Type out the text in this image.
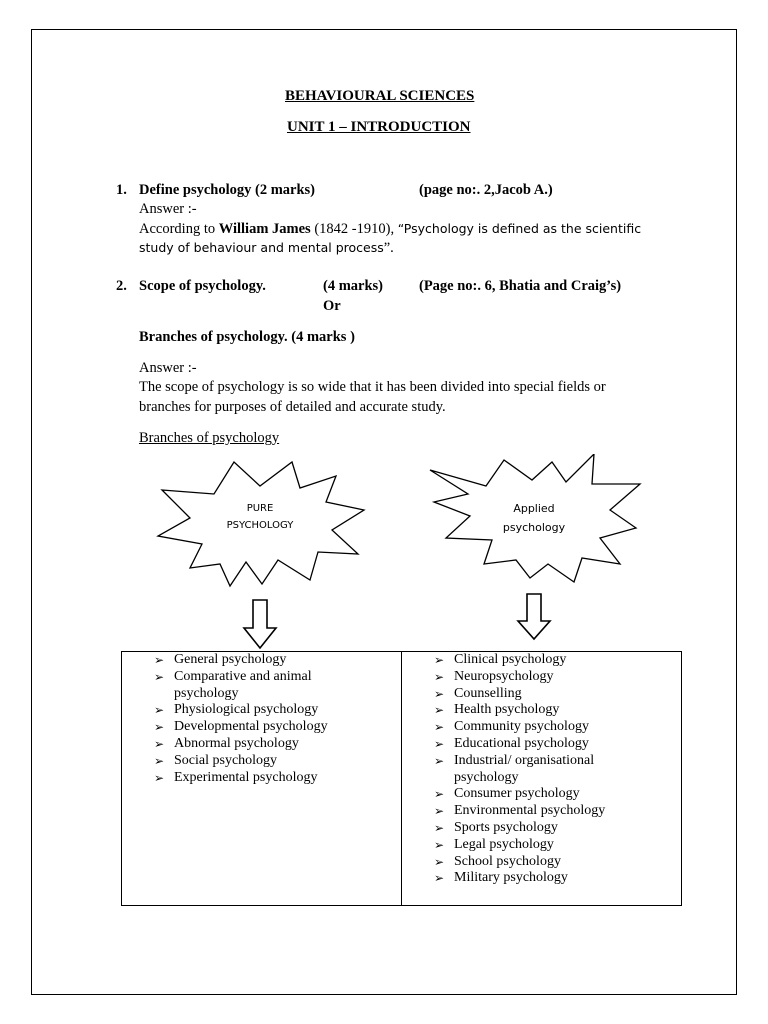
BEHAVIOURAL SCIENCES
UNIT 1 – INTRODUCTION
1. Define psychology (2 marks)	(page no:. 2,Jacob A.)
Answer :-
According to William James (1842 -1910), “Psychology is defined as the scientific
study of behaviour and mental process”.
2. Scope of psychology.	(4 marks) (Page no:. 6, Bhatia and Craig’s)
Or
Branches of psychology. (4 marks )
Answer :-
The scope of psychology is so wide that it has been divided into special fields or
branches for purposes of detailed and accurate study.
Branches of psychology
PURE
PSYCHOLOGY
Applied
psychology
➢ General psychology
➢ Comparative and animal
psychology
➢ Physiological psychology
➢ Developmental psychology
➢ Abnormal psychology
➢ Social psychology
➢ Experimental psychology

➢ Clinical psychology
➢ Neuropsychology
➢ Counselling
➢ Health psychology
➢ Community psychology
➢ Educational psychology
➢ Industrial/ organisational
psychology
➢ Consumer psychology
➢ Environmental psychology
➢ Sports psychology
➢ Legal psychology
➢ School psychology
➢ Military psychology
